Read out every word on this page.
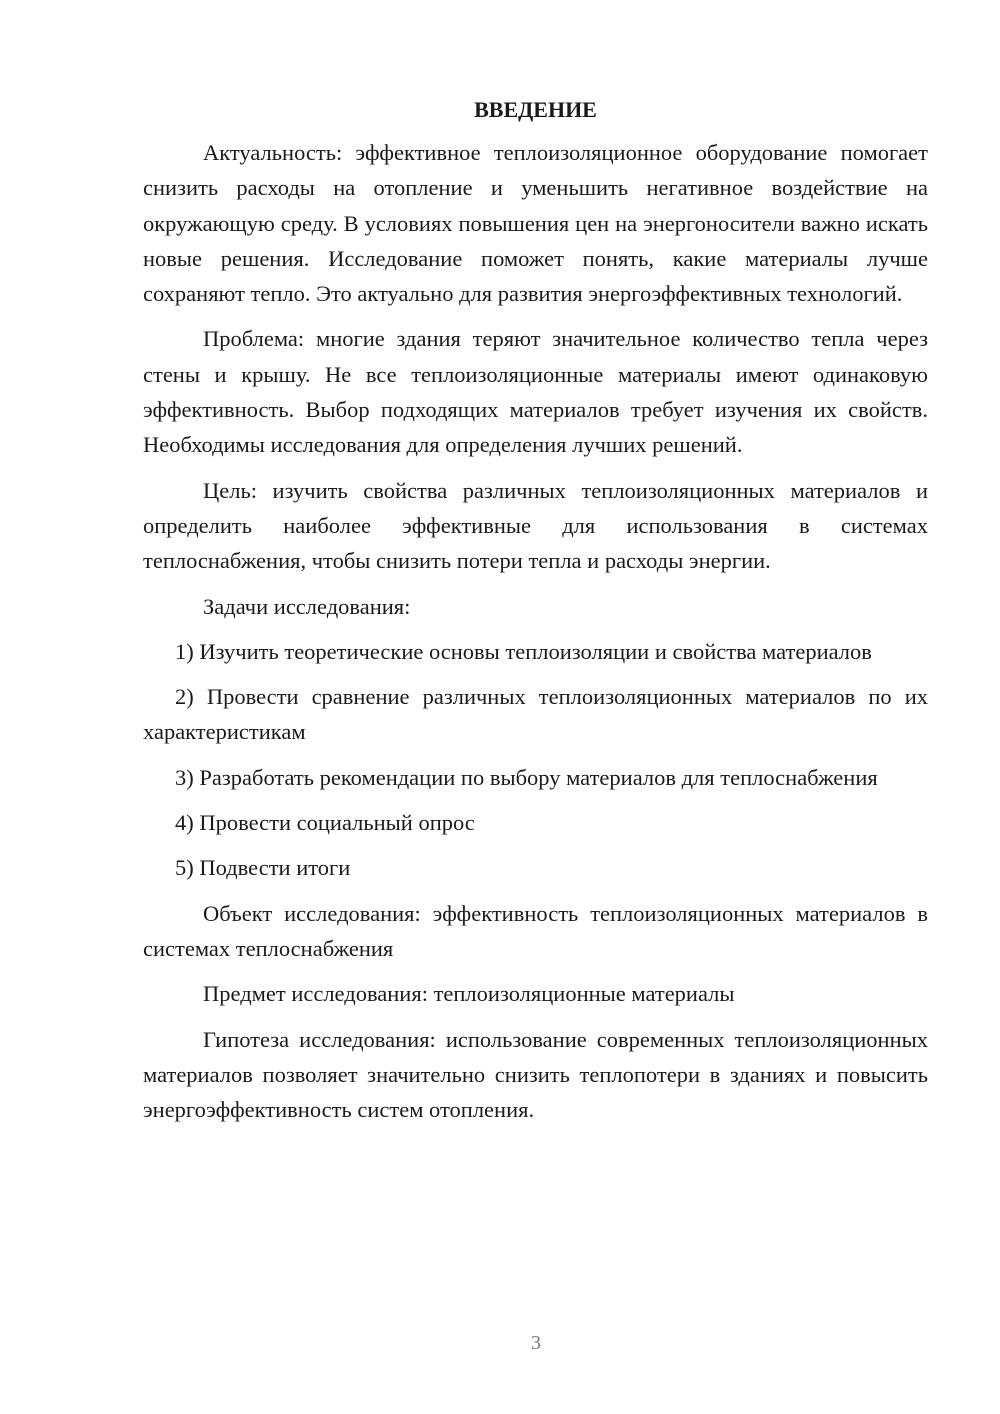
ВВЕДЕНИЕ

Актуальность: эффективное теплоизоляционное оборудование помогает снизить расходы на отопление и уменьшить негативное воздействие на окружающую среду. В условиях повышения цен на энергоносители важно искать новые решения. Исследование поможет понять, какие материалы лучше сохраняют тепло. Это актуально для развития энергоэффективных технологий.

Проблема: многие здания теряют значительное количество тепла через стены и крышу. Не все теплоизоляционные материалы имеют одинаковую эффективность. Выбор подходящих материалов требует изучения их свойств. Необходимы исследования для определения лучших решений.

Цель: изучить свойства различных теплоизоляционных материалов и определить наиболее эффективные для использования в системах теплоснабжения, чтобы снизить потери тепла и расходы энергии.

Задачи исследования:

1) Изучить теоретические основы теплоизоляции и свойства материалов

2) Провести сравнение различных теплоизоляционных материалов по их характеристикам

3) Разработать рекомендации по выбору материалов для теплоснабжения

4) Провести социальный опрос

5) Подвести итоги

Объект исследования: эффективность теплоизоляционных материалов в системах теплоснабжения

Предмет исследования: теплоизоляционные материалы

Гипотеза исследования: использование современных теплоизоляционных материалов позволяет значительно снизить теплопотери в зданиях и повысить энергоэффективность систем отопления.

3
